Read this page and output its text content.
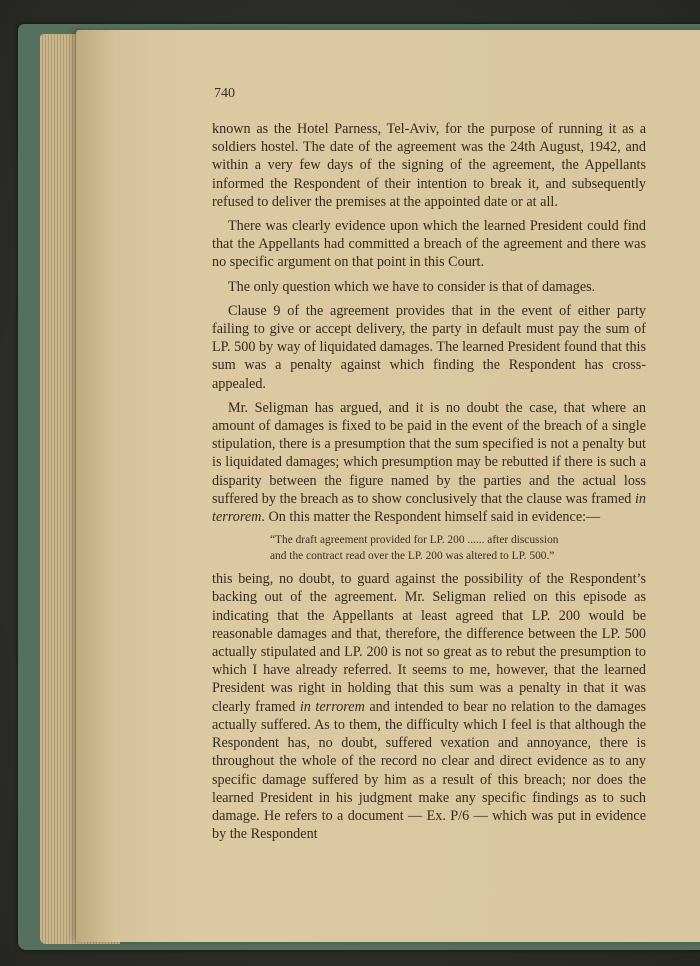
740

known as the Hotel Parness, Tel-Aviv, for the purpose of running it as a soldiers hostel. The date of the agreement was the 24th August, 1942, and within a very few days of the signing of the agreement, the Appellants informed the Respondent of their intention to break it, and subsequently refused to deliver the premises at the appointed date or at all.

There was clearly evidence upon which the learned President could find that the Appellants had committed a breach of the agreement and there was no specific argument on that point in this Court.

The only question which we have to consider is that of damages.

Clause 9 of the agreement provides that in the event of either party failing to give or accept delivery, the party in default must pay the sum of LP. 500 by way of liquidated damages. The learned President found that this sum was a penalty against which finding the Respondent has cross-appealed.

Mr. Seligman has argued, and it is no doubt the case, that where an amount of damages is fixed to be paid in the event of the breach of a single stipulation, there is a presumption that the sum specified is not a penalty but is liquidated damages; which presumption may be rebutted if there is such a disparity between the figure named by the parties and the actual loss suffered by the breach as to show conclusively that the clause was framed in terrorem. On this matter the Respondent himself said in evidence:—

“The draft agreement provided for LP. 200 ...... after discussion
and the contract read over the LP. 200 was altered to LP. 500.”

this being, no doubt, to guard against the possibility of the Respondent’s backing out of the agreement. Mr. Seligman relied on this episode as indicating that the Appellants at least agreed that LP. 200 would be reasonable damages and that, therefore, the difference between the LP. 500 actually stipulated and LP. 200 is not so great as to rebut the presumption to which I have already referred. It seems to me, however, that the learned President was right in holding that this sum was a penalty in that it was clearly framed in terrorem and intended to bear no relation to the damages actually suffered. As to them, the difficulty which I feel is that although the Respondent has, no doubt, suffered vexation and annoyance, there is throughout the whole of the record no clear and direct evidence as to any specific damage suffered by him as a result of this breach; nor does the learned President in his judgment make any specific findings as to such damage. He refers to a document — Ex. P/6 — which was put in evidence by the Respondent
